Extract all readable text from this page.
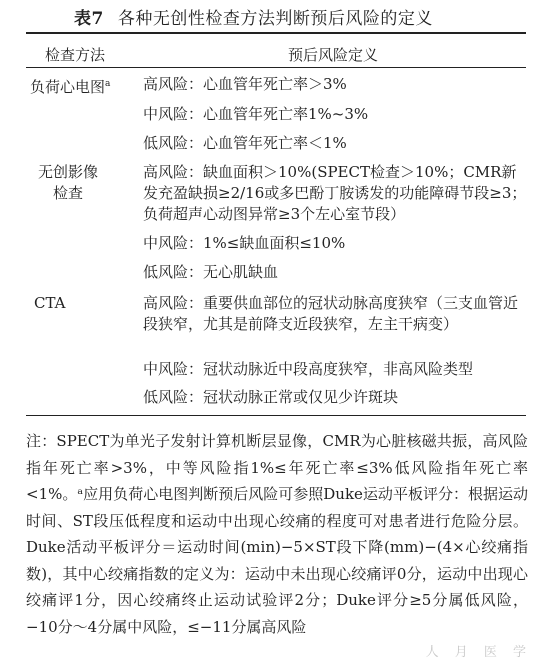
表7 各种无创性检查方法判断预后风险的定义
检查方法	预后风险定义
负荷心电图$^a$ 高风险：心血管年死亡率＞3%
中风险：心血管年死亡率1%~3%
低风险：心血管年死亡率＜1%
无创影像
检查
高风险：缺血面积＞10%(SPECT检查＞10%；CMR新发充盈缺损≥2/16或多巴酚丁胺诱发的功能障碍节段≥3；负荷超声心动图异常≥3个左心室节段）
中风险：1%≤缺血面积≤10%
低风险：无心肌缺血
CTA	高风险：重要供血部位的冠状动脉高度狭窄（三支血管近段狭窄，尤其是前降支近段狭窄，左主干病变）
中风险：冠状动脉近中段高度狭窄，非高风险类型
低风险：冠状动脉正常或仅见少许斑块
注：SPECT为单光子发射计算机断层显像，CMR为心脏核磁共振，高风险指年死亡率>3%，中等风险指1%≤年死亡率≤3%低风险指年死亡率<1%。ᵃ应用负荷心电图判断预后风险可参照Duke运动平板评分：根据运动时间、ST段压低程度和运动中出现心绞痛的程度可对患者进行危险分层。Duke活动平板评分＝运动时间(min)−5×ST段下降(mm)−(4×心绞痛指数)，其中心绞痛指数的定义为：运动中未出现心绞痛评0分，运动中出现心绞痛评1分，因心绞痛终止运动试验评2分；Duke评分≥5分属低风险，−10分～4分属中风险，≤−11分属高风险
人 月 医 学
